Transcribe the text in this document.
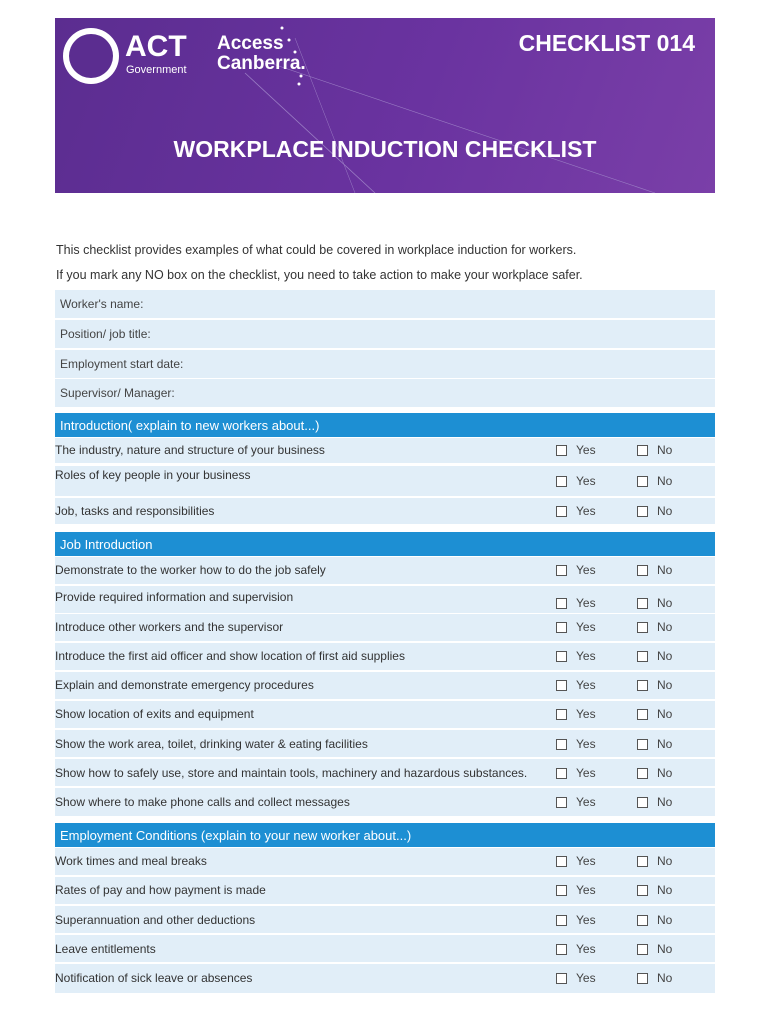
ACT
Government
Access
Canberra.
CHECKLIST 014
WORKPLACE INDUCTION CHECKLIST
This checklist provides examples of what could be covered in workplace induction for workers.
If you mark any NO box on the checklist, you need to take action to make your workplace safer.
Worker's name:
Position/ job title:
Employment start date:
Supervisor/ Manager:
Introduction( explain to new workers about...)
The industry, nature and structure of your business	Yes	No
Roles of key people in your business	Yes	No
Job, tasks and responsibilities	Yes	No
Job Introduction
Demonstrate to the worker how to do the job safely	Yes	No
Provide required information and supervision	Yes	No
Introduce other workers and the supervisor	Yes	No
Introduce the first aid officer and show location of first aid supplies	Yes	No
Explain and demonstrate emergency procedures	Yes	No
Show location of exits and equipment	Yes	No
Show the work area, toilet, drinking water & eating facilities	Yes	No
Show how to safely use, store and maintain tools, machinery and hazardous substances.	Yes	No
Show where to make phone calls and collect messages	Yes	No
Employment Conditions (explain to your new worker about...)
Work times and meal breaks	Yes	No
Rates of pay and how payment is made	Yes	No
Superannuation and other deductions	Yes	No
Leave entitlements	Yes	No
Notification of sick leave or absences	Yes	No
